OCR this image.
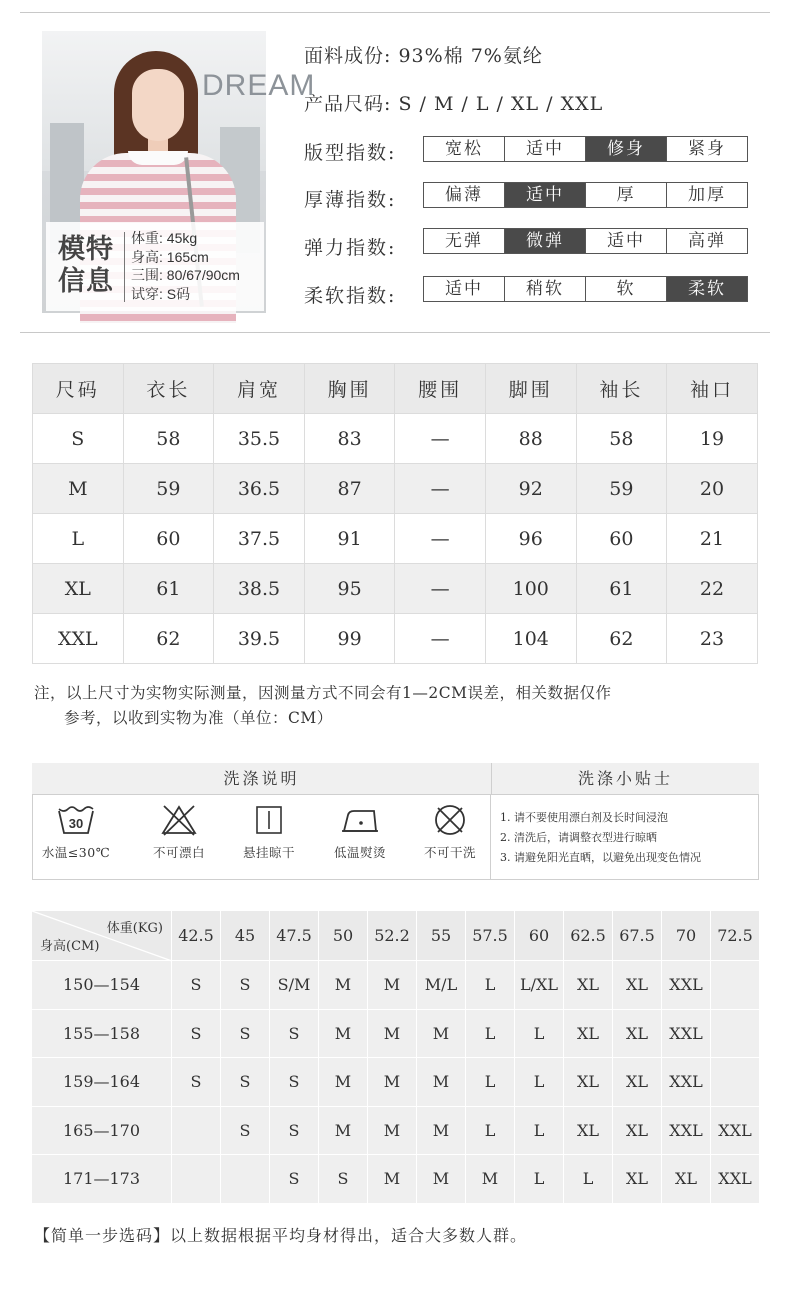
DREAM
模特
信息
体重: 45kg
身高: 165cm
三围: 80/67/90cm
试穿: S码
面料成份: 93%棉 7%氨纶
产品尺码: S / M / L / XL / XXL
版型指数:	宽松	适中	修身	紧身
厚薄指数:	偏薄	适中	厚	加厚
弹力指数:	无弹	微弹	适中	高弹
柔软指数:	适中	稍软	软	柔软
尺码	衣长	肩宽	胸围	腰围	脚围	袖长	袖口
S	58	35.5	83	—	88	58	19
M	59	36.5	87	—	92	59	20
L	60	37.5	91	—	96	60	21
XL	61	38.5	95	—	100	61	22
XXL	62	39.5	99	—	104	62	23
注，以上尺寸为实物实际测量，因测量方式不同会有1—2CM误差，相关数据仅作
参考，以收到实物为准（单位：CM）
洗涤说明	洗涤小贴士
30
水温≤30℃	不可漂白	悬挂晾干	低温熨烫	不可干洗
1. 请不要使用漂白剂及长时间浸泡
2. 清洗后，请调整衣型进行晾晒
3. 请避免阳光直晒，以避免出现变色情况
体重(KG)
身高(CM)	42.5	45	47.5	50	52.2	55	57.5	60	62.5	67.5	70	72.5
150—154	S	S	S/M	M	M	M/L	L	L/XL	XL	XL	XXL	
155—158	S	S	S	M	M	M	L	L	XL	XL	XXL	
159—164	S	S	S	M	M	M	L	L	XL	XL	XXL	
165—170		S	S	M	M	M	L	L	XL	XL	XXL	XXL
171—173			S	S	M	M	M	L	L	XL	XL	XXL
【简单一步选码】以上数据根据平均身材得出，适合大多数人群。
